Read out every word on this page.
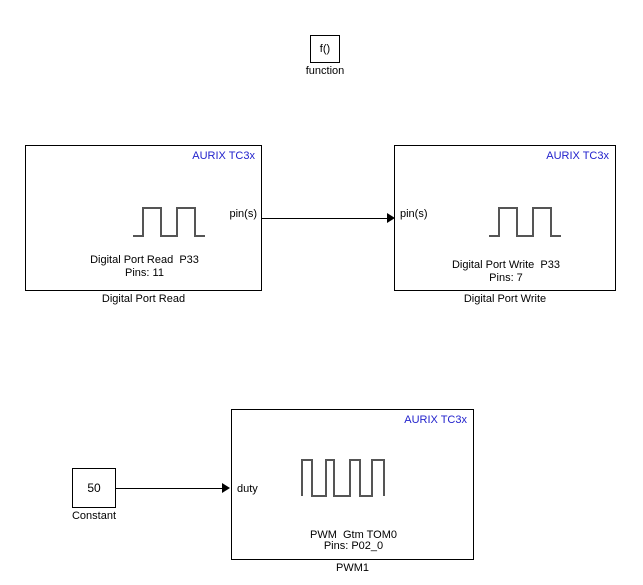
f()
function
AURIX TC3x
Digital Port Read  P33
Pins: 11
pin(s)
Digital Port Read
AURIX TC3x
Digital Port Write  P33
Pins: 7
pin(s)
Digital Port Write
50
Constant
AURIX TC3x
PWM  Gtm TOM0
Pins: P02_0
duty
PWM1
